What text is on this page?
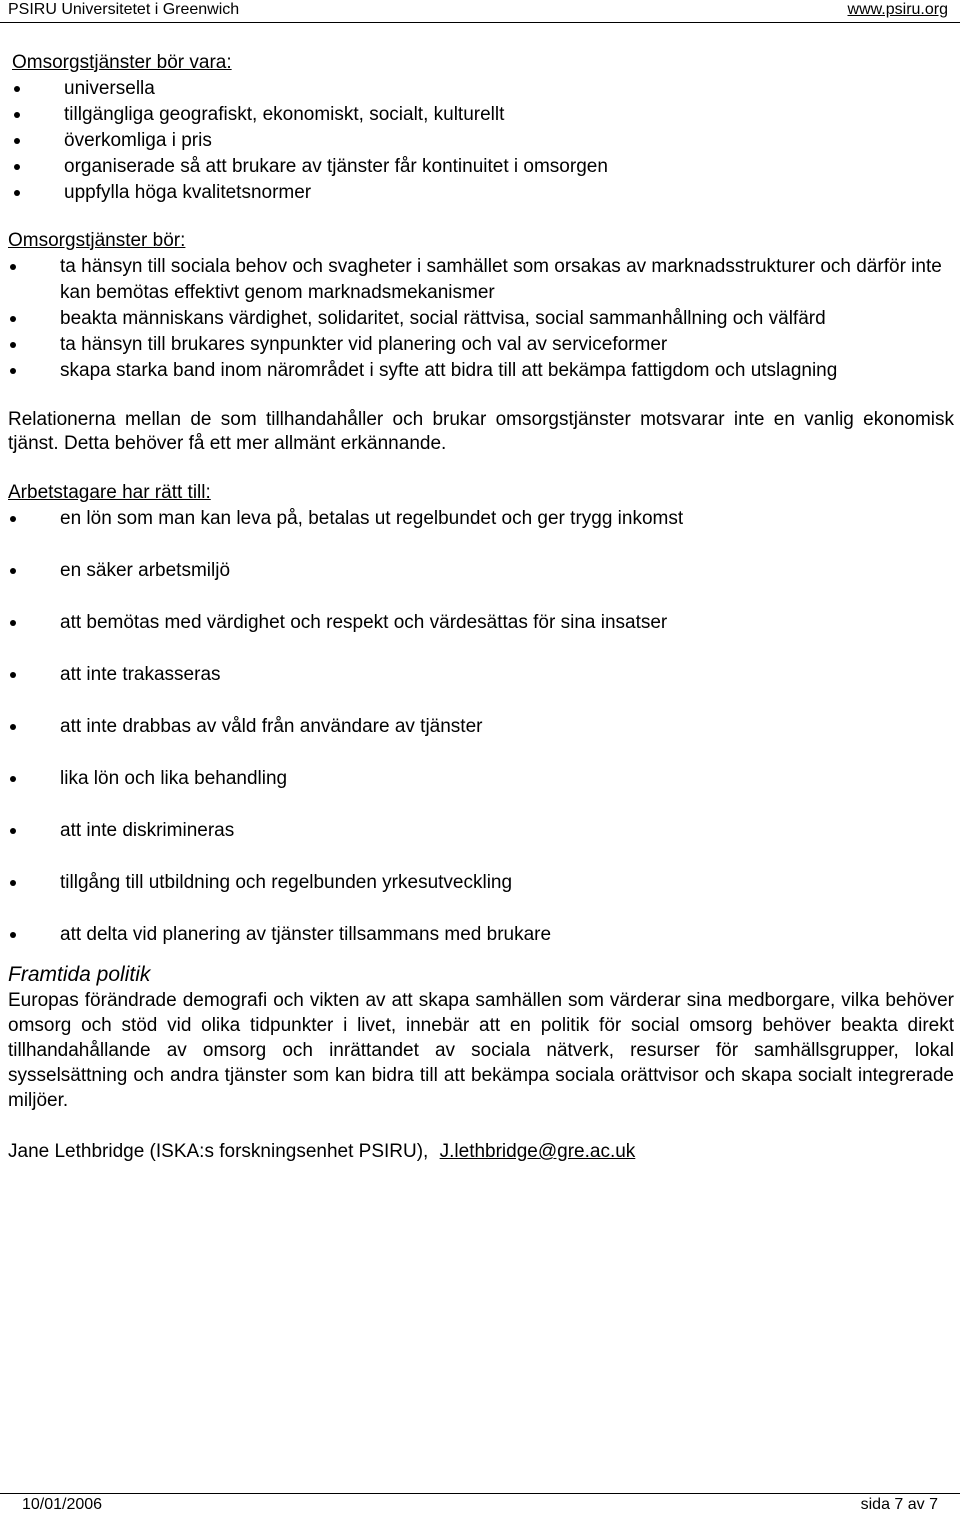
PSIRU Universitetet i Greenwich	www.psiru.org

Omsorgstjänster bör vara:

universella
tillgängliga geografiskt, ekonomiskt, socialt, kulturellt
överkomliga i pris
organiserade så att brukare av tjänster får kontinuitet i omsorgen
uppfylla höga kvalitetsnormer

Omsorgstjänster bör:

ta hänsyn till sociala behov och svagheter i samhället som orsakas av marknadsstrukturer och därför inte kan bemötas effektivt genom marknadsmekanismer
beakta människans värdighet, solidaritet, social rättvisa, social sammanhållning och välfärd
ta hänsyn till brukares synpunkter vid planering och val av serviceformer
skapa starka band inom närområdet i syfte att bidra till att bekämpa fattigdom och utslagning

Relationerna mellan de som tillhandahåller och brukar omsorgstjänster motsvarar inte en vanlig ekonomisk tjänst. Detta behöver få ett mer allmänt erkännande.

Arbetstagare har rätt till:

en lön som man kan leva på, betalas ut regelbundet och ger trygg inkomst
en säker arbetsmiljö
att bemötas med värdighet och respekt och värdesättas för sina insatser
att inte trakasseras
att inte drabbas av våld från användare av tjänster
lika lön och lika behandling
att inte diskrimineras
tillgång till utbildning och regelbunden yrkesutveckling
att delta vid planering av tjänster tillsammans med brukare

Framtida politik

Europas förändrade demografi och vikten av att skapa samhällen som värderar sina medborgare, vilka behöver omsorg och stöd vid olika tidpunkter i livet, innebär att en politik för social omsorg behöver beakta direkt tillhandahållande av omsorg och inrättandet av sociala nätverk, resurser för samhällsgrupper, lokal sysselsättning och andra tjänster som kan bidra till att bekämpa sociala orättvisor och skapa socialt integrerade miljöer.

Jane Lethbridge (ISKA:s forskningsenhet PSIRU), J.lethbridge@gre.ac.uk
10/01/2006	sida 7 av 7
